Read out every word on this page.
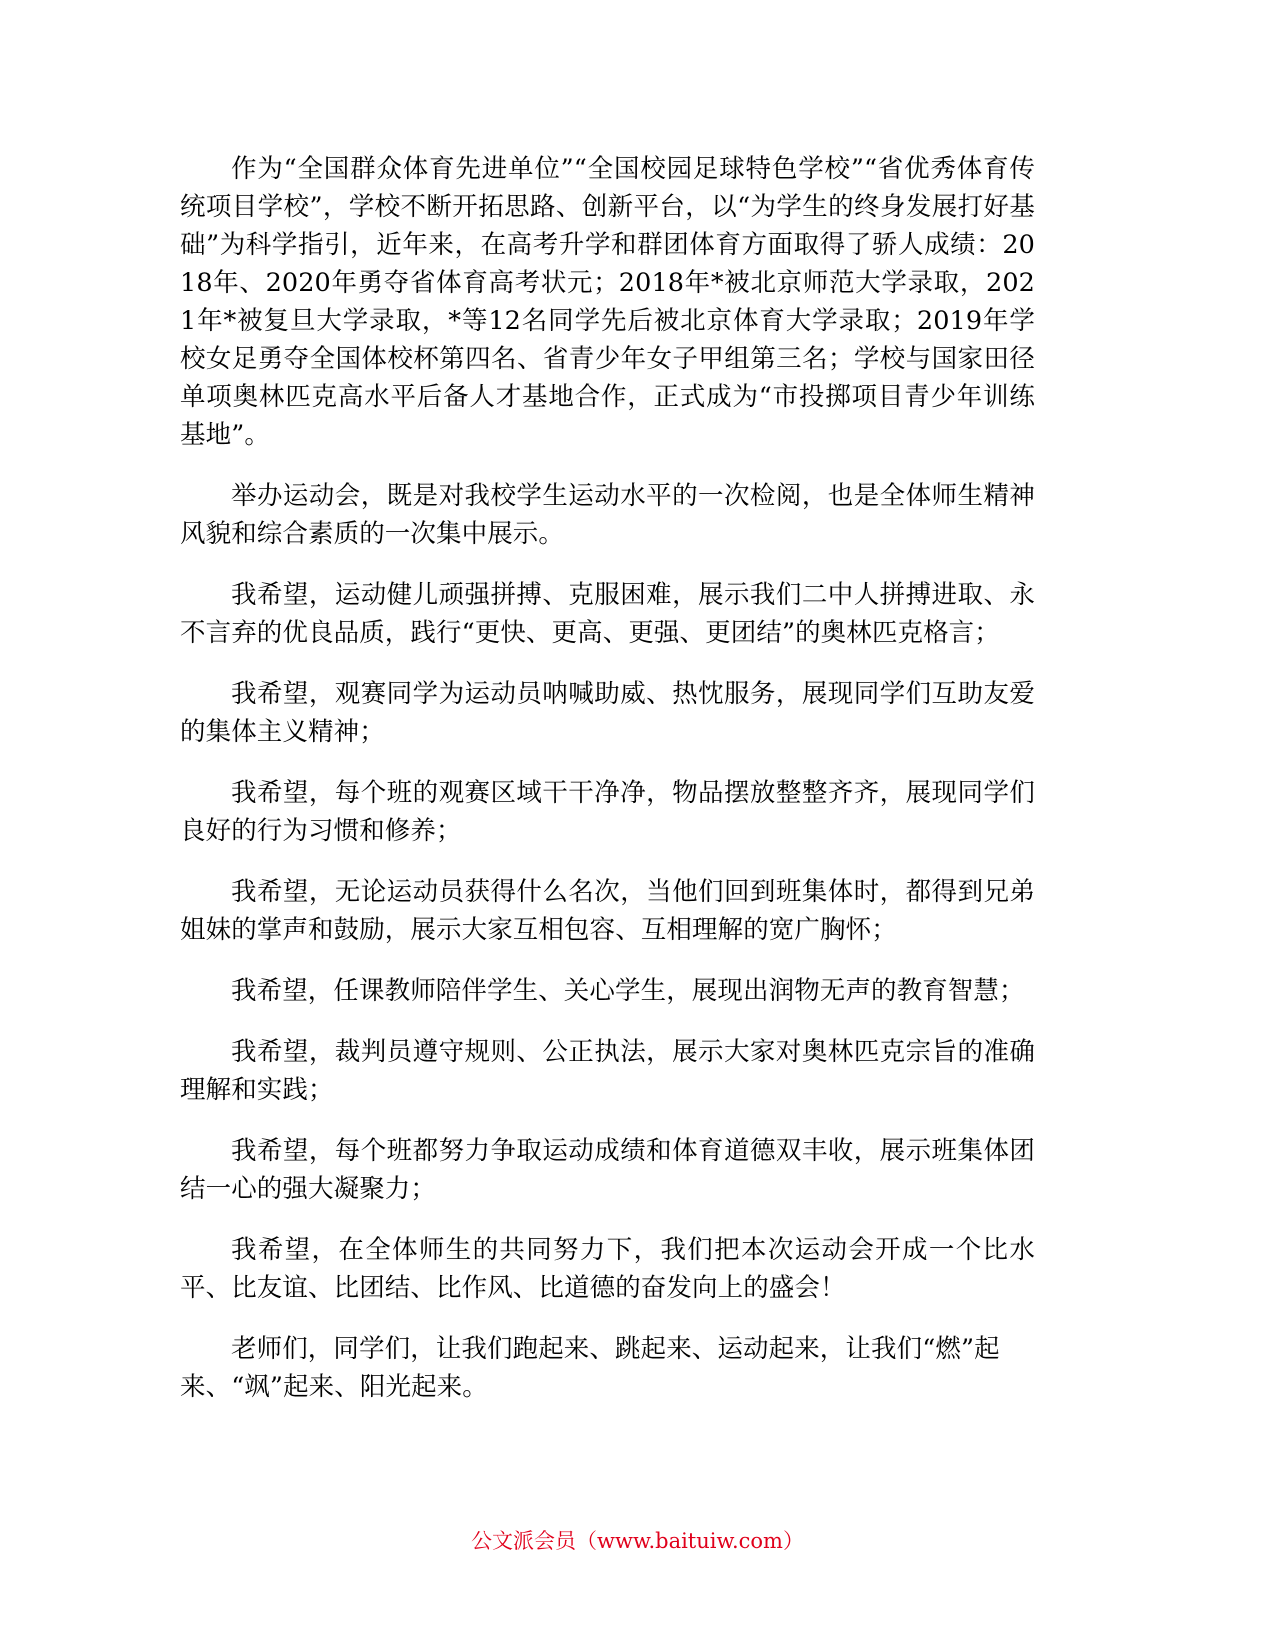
作为“全国群众体育先进单位”“全国校园足球特色学校”“省优秀体育传统项目学校”，学校不断开拓思路、创新平台，以“为学生的终身发展打好基础”为科学指引，近年来，在高考升学和群团体育方面取得了骄人成绩：2018年、2020年勇夺省体育高考状元；2018年*被北京师范大学录取，2021年*被复旦大学录取，*等12名同学先后被北京体育大学录取；2019年学校女足勇夺全国体校杯第四名、省青少年女子甲组第三名；学校与国家田径单项奥林匹克高水平后备人才基地合作，正式成为“市投掷项目青少年训练基地”。

举办运动会，既是对我校学生运动水平的一次检阅，也是全体师生精神风貌和综合素质的一次集中展示。

我希望，运动健儿顽强拼搏、克服困难，展示我们二中人拼搏进取、永不言弃的优良品质，践行“更快、更高、更强、更团结”的奥林匹克格言；

我希望，观赛同学为运动员呐喊助威、热忱服务，展现同学们互助友爱的集体主义精神；

我希望，每个班的观赛区域干干净净，物品摆放整整齐齐，展现同学们良好的行为习惯和修养；

我希望，无论运动员获得什么名次，当他们回到班集体时，都得到兄弟姐妹的掌声和鼓励，展示大家互相包容、互相理解的宽广胸怀；

我希望，任课教师陪伴学生、关心学生，展现出润物无声的教育智慧；

我希望，裁判员遵守规则、公正执法，展示大家对奥林匹克宗旨的准确理解和实践；

我希望，每个班都努力争取运动成绩和体育道德双丰收，展示班集体团结一心的强大凝聚力；

我希望，在全体师生的共同努力下，我们把本次运动会开成一个比水平、比友谊、比团结、比作风、比道德的奋发向上的盛会！

老师们，同学们，让我们跑起来、跳起来、运动起来，让我们“燃”起来、“飒”起来、阳光起来。

公文派会员（www.baituiw.com）
